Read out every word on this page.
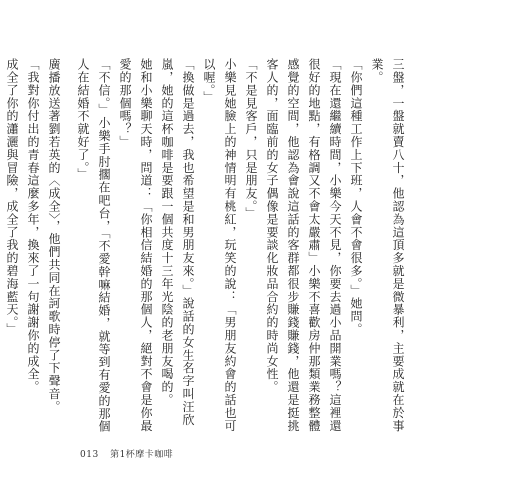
三盤，一盤就賣八十，他認為這頂多就是微暴利，主要成就在於事業。

「你們這種工作上下班，人會不會很多。」她問。

「現在還繼續時間，小樂今天不見，你要去過小品開業嗎？這裡還很好的地點，有格調又不會太嚴肅」小樂不喜歡房仲那類業務整體感覺的空間，他認為會說這話的客群都很步賺錢賺錢，他還是挺挑客人的，面臨前的女子偶像是要談化妝品合約的時尚女性。

「不是見客戶，只是朋友。」

小樂見她臉上的神情明有桃紅，玩笑的說：「男朋友約會的話也可以喔。」

「換做是過去，我也希望是和男朋友來。」說話的女生名字叫汪欣嵐，她的這杯咖啡是要跟一個共度十三年光陰的老朋友喝的。

她和小樂聊天時，問道：「你相信結婚的那個人，絕對不會是你最愛的那個嗎？」

「不信。」小樂手肘擱在吧台，「不愛幹嘛結婚，就等到有愛的那個人在結婚不就好了。」

廣播放送著劉若英的〈成全〉，他們共同在訶歌時停了下聲音。

「我對你付出的青春這麼多年，換來了一句謝謝你的成全。

成全了你的瀟灑與冒險，成全了我的碧海藍天。」

013 第1杯摩卡咖啡
